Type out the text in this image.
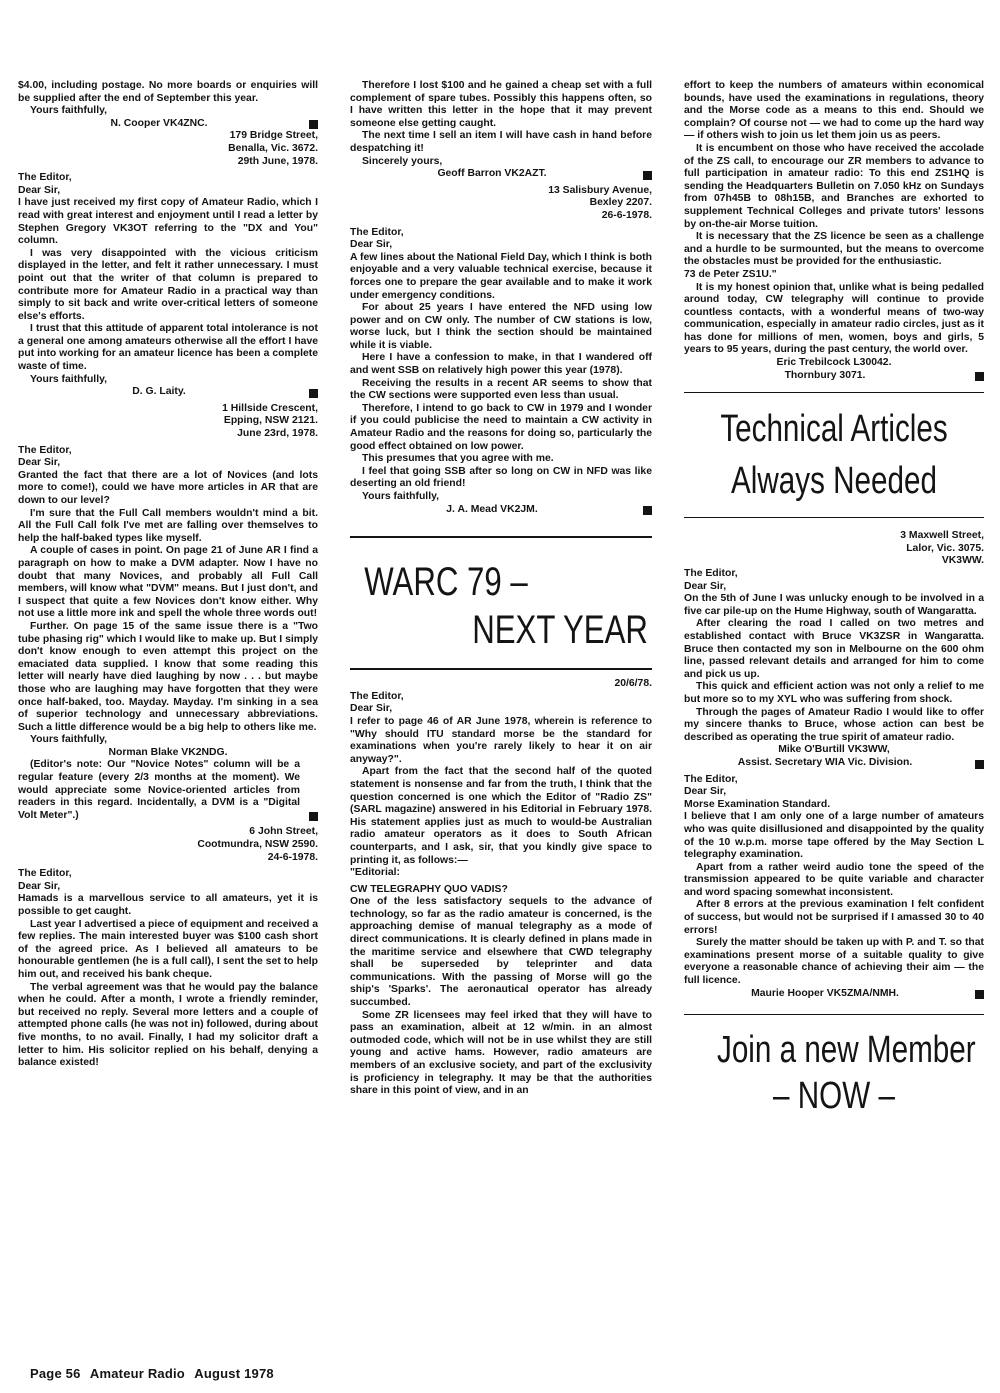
$4.00, including postage. No more boards or enquiries will be supplied after the end of September this year.

Yours faithfully,

N. Cooper VK4ZNC.

179 Bridge Street,

Benalla, Vic. 3672.

29th June, 1978.

The Editor,

Dear Sir,

I have just received my first copy of Amateur Radio, which I read with great interest and enjoyment until I read a letter by Stephen Gregory VK3OT referring to the "DX and You" column.

I was very disappointed with the vicious criticism displayed in the letter, and felt it rather unnecessary. I must point out that the writer of that column is prepared to contribute more for Amateur Radio in a practical way than simply to sit back and write over-critical letters of someone else's efforts.

I trust that this attitude of apparent total intolerance is not a general one among amateurs otherwise all the effort I have put into working for an amateur licence has been a complete waste of time.

Yours faithfully,

D. G. Laity.

1 Hillside Crescent,

Epping, NSW 2121.

June 23rd, 1978.

The Editor,

Dear Sir,

Granted the fact that there are a lot of Novices (and lots more to come!), could we have more articles in AR that are down to our level?

I'm sure that the Full Call members wouldn't mind a bit. All the Full Call folk I've met are falling over themselves to help the half-baked types like myself.

A couple of cases in point. On page 21 of June AR I find a paragraph on how to make a DVM adapter. Now I have no doubt that many Novices, and probably all Full Call members, will know what "DVM" means. But I just don't, and I suspect that quite a few Novices don't know either. Why not use a little more ink and spell the whole three words out!

Further. On page 15 of the same issue there is a "Two tube phasing rig" which I would like to make up. But I simply don't know enough to even attempt this project on the emaciated data supplied. I know that some reading this letter will nearly have died laughing by now . . . but maybe those who are laughing may have forgotten that they were once half-baked, too. Mayday. Mayday. I'm sinking in a sea of superior technology and unnecessary abbreviations. Such a little difference would be a big help to others like me.

Yours faithfully,

Norman Blake VK2NDG.

(Editor's note: Our "Novice Notes" column will be a regular feature (every 2/3 months at the moment). We would appreciate some Novice-oriented articles from readers in this regard. Incidentally, a DVM is a "Digital Volt Meter".)

6 John Street,

Cootmundra, NSW 2590.

24-6-1978.

The Editor,

Dear Sir,

Hamads is a marvellous service to all amateurs, yet it is possible to get caught.

Last year I advertised a piece of equipment and received a few replies. The main interested buyer was $100 cash short of the agreed price. As I believed all amateurs to be honourable gentlemen (he is a full call), I sent the set to help him out, and received his bank cheque.

The verbal agreement was that he would pay the balance when he could. After a month, I wrote a friendly reminder, but received no reply. Several more letters and a couple of attempted phone calls (he was not in) followed, during about five months, to no avail. Finally, I had my solicitor draft a letter to him. His solicitor replied on his behalf, denying a balance existed!

Therefore I lost $100 and he gained a cheap set with a full complement of spare tubes. Possibly this happens often, so I have written this letter in the hope that it may prevent someone else getting caught.

The next time I sell an item I will have cash in hand before despatching it!

Sincerely yours,

Geoff Barron VK2AZT.

13 Salisbury Avenue,

Bexley 2207.

26-6-1978.

The Editor,

Dear Sir,

A few lines about the National Field Day, which I think is both enjoyable and a very valuable technical exercise, because it forces one to prepare the gear available and to make it work under emergency conditions.

For about 25 years I have entered the NFD using low power and on CW only. The number of CW stations is low, worse luck, but I think the section should be maintained while it is viable.

Here I have a confession to make, in that I wandered off and went SSB on relatively high power this year (1978).

Receiving the results in a recent AR seems to show that the CW sections were supported even less than usual.

Therefore, I intend to go back to CW in 1979 and I wonder if you could publicise the need to maintain a CW activity in Amateur Radio and the reasons for doing so, particularly the good effect obtained on low power.

This presumes that you agree with me.

I feel that going SSB after so long on CW in NFD was like deserting an old friend!

Yours faithfully,

J. A. Mead VK2JM.

WARC 79 –
NEXT YEAR

20/6/78.

The Editor,

Dear Sir,

I refer to page 46 of AR June 1978, wherein is reference to "Why should ITU standard morse be the standard for examinations when you're rarely likely to hear it on air anyway?".

Apart from the fact that the second half of the quoted statement is nonsense and far from the truth, I think that the question concerned is one which the Editor of "Radio ZS" (SARL magazine) answered in his Editorial in February 1978. His statement applies just as much to would-be Australian radio amateur operators as it does to South African counterparts, and I ask, sir, that you kindly give space to printing it, as follows:—

"Editorial:

CW TELEGRAPHY QUO VADIS?

One of the less satisfactory sequels to the advance of technology, so far as the radio amateur is concerned, is the approaching demise of manual telegraphy as a mode of direct communications. It is clearly defined in plans made in the maritime service and elsewhere that CWD telegraphy shall be superseded by teleprinter and data communications. With the passing of Morse will go the ship's 'Sparks'. The aeronautical operator has already succumbed.

Some ZR licensees may feel irked that they will have to pass an examination, albeit at 12 w/min. in an almost outmoded code, which will not be in use whilst they are still young and active hams. However, radio amateurs are members of an exclusive society, and part of the exclusivity is proficiency in telegraphy. It may be that the authorities share in this point of view, and in an

effort to keep the numbers of amateurs within economical bounds, have used the examinations in regulations, theory and the Morse code as a means to this end. Should we complain? Of course not — we had to come up the hard way — if others wish to join us let them join us as peers.

It is encumbent on those who have received the accolade of the ZS call, to encourage our ZR members to advance to full participation in amateur radio: To this end ZS1HQ is sending the Headquarters Bulletin on 7.050 kHz on Sundays from 07h45B to 08h15B, and Branches are exhorted to supplement Technical Colleges and private tutors' lessons by on-the-air Morse tuition.

It is necessary that the ZS licence be seen as a challenge and a hurdle to be surmounted, but the means to overcome the obstacles must be provided for the enthusiastic.

73 de Peter ZS1U."

It is my honest opinion that, unlike what is being pedalled around today, CW telegraphy will continue to provide countless contacts, with a wonderful means of two-way communication, especially in amateur radio circles, just as it has done for millions of men, women, boys and girls, 5 years to 95 years, during the past century, the world over.

Eric Trebilcock L30042.

Thornbury 3071.

Technical Articles
Always Needed

3 Maxwell Street,

Lalor, Vic. 3075.

VK3WW.

The Editor,

Dear Sir,

On the 5th of June I was unlucky enough to be involved in a five car pile-up on the Hume Highway, south of Wangaratta.

After clearing the road I called on two metres and established contact with Bruce VK3ZSR in Wangaratta. Bruce then contacted my son in Melbourne on the 600 ohm line, passed relevant details and arranged for him to come and pick us up.

This quick and efficient action was not only a relief to me but more so to my XYL who was suffering from shock.

Through the pages of Amateur Radio I would like to offer my sincere thanks to Bruce, whose action can best be described as operating the true spirit of amateur radio.

Mike O'Burtill VK3WW,

Assist. Secretary WIA Vic. Division.

The Editor,

Dear Sir,

Morse Examination Standard.

I believe that I am only one of a large number of amateurs who was quite disillusioned and disappointed by the quality of the 10 w.p.m. morse tape offered by the May Section L telegraphy examination.

Apart from a rather weird audio tone the speed of the transmission appeared to be quite variable and character and word spacing somewhat inconsistent.

After 8 errors at the previous examination I felt confident of success, but would not be surprised if I amassed 30 to 40 errors!

Surely the matter should be taken up with P. and T. so that examinations present morse of a suitable quality to give everyone a reasonable chance of achieving their aim — the full licence.

Maurie Hooper VK5ZMA/NMH.

Join a new Member
– NOW –
Page 56 Amateur Radio August 1978
